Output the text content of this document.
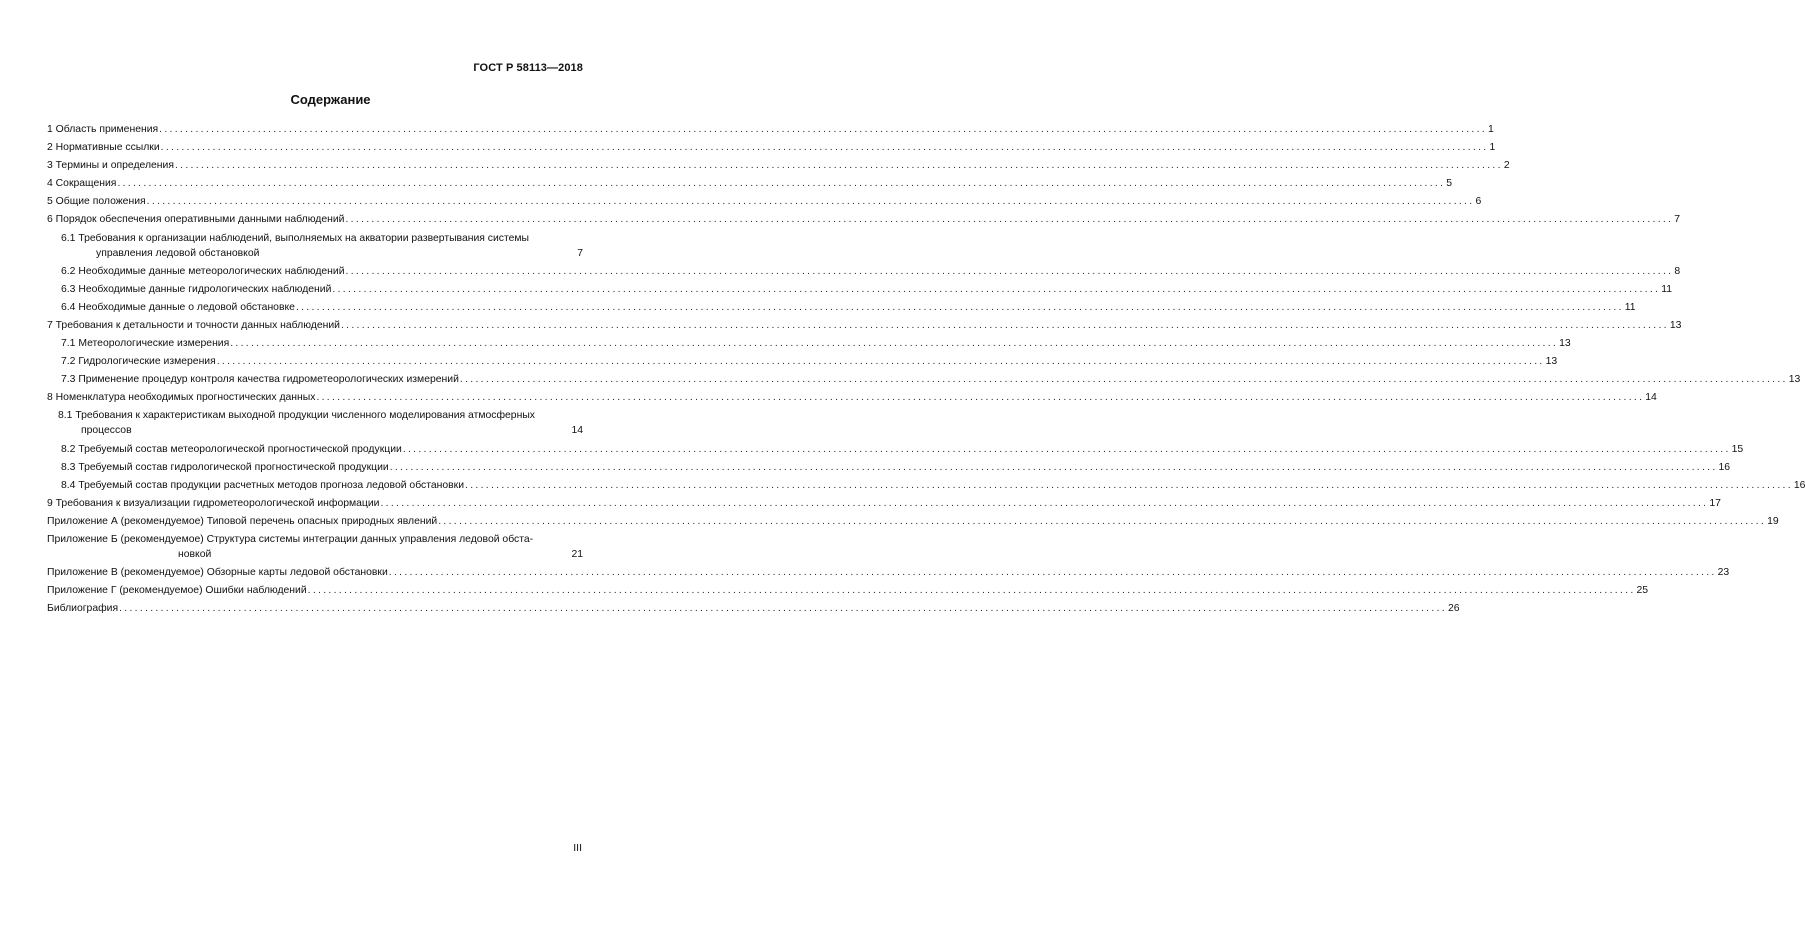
ГОСТ Р 58113—2018
Содержание
1 Область применения .....	1
2 Нормативные ссылки .....	1
3 Термины и определения .....	2
4 Сокращения .....	5
5 Общие положения .....	6
6 Порядок обеспечения оперативными данными наблюдений .....	7
6.1 Требования к организации наблюдений, выполняемых на акватории развертывания системы
управления ледовой обстановкой	7
6.2 Необходимые данные метеорологических наблюдений .....	8
6.3 Необходимые данные гидрологических наблюдений .....	11
6.4 Необходимые данные о ледовой обстановке .....	11
7 Требования к детальности и точности данных наблюдений .....	13
7.1 Метеорологические измерения .....	13
7.2 Гидрологические измерения .....	13
7.3 Применение процедур контроля качества гидрометеорологических измерений .....	13
8 Номенклатура необходимых прогностических данных .....	14
8.1 Требования к характеристикам выходной продукции численного моделирования атмосферных
процессов	14
8.2 Требуемый состав метеорологической прогностической продукции .....	15
8.3 Требуемый состав гидрологической прогностической продукции .....	16
8.4 Требуемый состав продукции расчетных методов прогноза ледовой обстановки .....	16
9 Требования к визуализации гидрометеорологической информации .....	17
Приложение А (рекомендуемое) Типовой перечень опасных природных явлений .....	19
Приложение Б (рекомендуемое) Структура системы интеграции данных управления ледовой обста-
новкой	21
Приложение В (рекомендуемое) Обзорные карты ледовой обстановки .....	23
Приложение Г (рекомендуемое) Ошибки наблюдений .....	25
Библиография .....	26
III
